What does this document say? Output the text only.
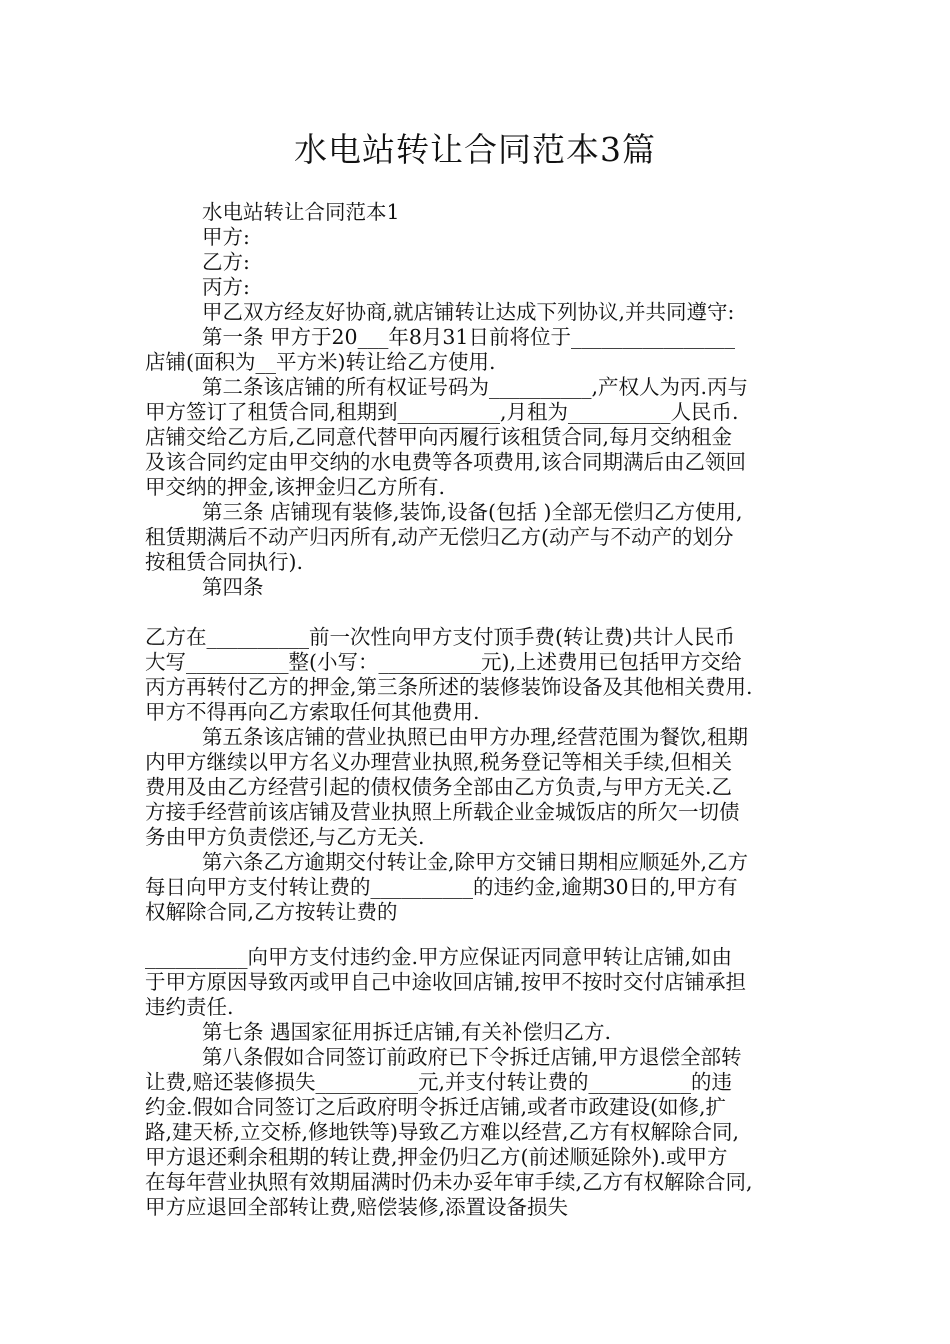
水电站转让合同范本3篇
水电站转让合同范本1
甲方:
乙方:
丙方:
甲乙双方经友好协商,就店铺转让达成下列协议,并共同遵守:
第一条 甲方于20___年8月31日前将位于________________
店铺(面积为__平方米)转让给乙方使用.
第二条该店铺的所有权证号码为__________,产权人为丙.丙与
甲方签订了租赁合同,租期到__________,月租为__________人民币.
店铺交给乙方后,乙同意代替甲向丙履行该租赁合同,每月交纳租金
及该合同约定由甲交纳的水电费等各项费用,该合同期满后由乙领回
甲交纳的押金,该押金归乙方所有.
第三条 店铺现有装修,装饰,设备(包括 )全部无偿归乙方使用,
租赁期满后不动产归丙所有,动产无偿归乙方(动产与不动产的划分
按租赁合同执行).
第四条
乙方在__________前一次性向甲方支付顶手费(转让费)共计人民币
大写__________整(小写：__________元),上述费用已包括甲方交给
丙方再转付乙方的押金,第三条所述的装修装饰设备及其他相关费用.
甲方不得再向乙方索取任何其他费用.
第五条该店铺的营业执照已由甲方办理,经营范围为餐饮,租期
内甲方继续以甲方名义办理营业执照,税务登记等相关手续,但相关
费用及由乙方经营引起的债权债务全部由乙方负责,与甲方无关.乙
方接手经营前该店铺及营业执照上所载企业金城饭店的所欠一切债
务由甲方负责偿还,与乙方无关.
第六条乙方逾期交付转让金,除甲方交铺日期相应顺延外,乙方
每日向甲方支付转让费的__________的违约金,逾期30日的,甲方有
权解除合同,乙方按转让费的
__________向甲方支付违约金.甲方应保证丙同意甲转让店铺,如由
于甲方原因导致丙或甲自己中途收回店铺,按甲不按时交付店铺承担
违约责任.
第七条 遇国家征用拆迁店铺,有关补偿归乙方.
第八条假如合同签订前政府已下令拆迁店铺,甲方退偿全部转
让费,赔还装修损失__________元,并支付转让费的__________的违
约金.假如合同签订之后政府明令拆迁店铺,或者市政建设(如修,扩
路,建天桥,立交桥,修地铁等)导致乙方难以经营,乙方有权解除合同,
甲方退还剩余租期的转让费,押金仍归乙方(前述顺延除外).或甲方
在每年营业执照有效期届满时仍未办妥年审手续,乙方有权解除合同,
甲方应退回全部转让费,赔偿装修,添置设备损失
